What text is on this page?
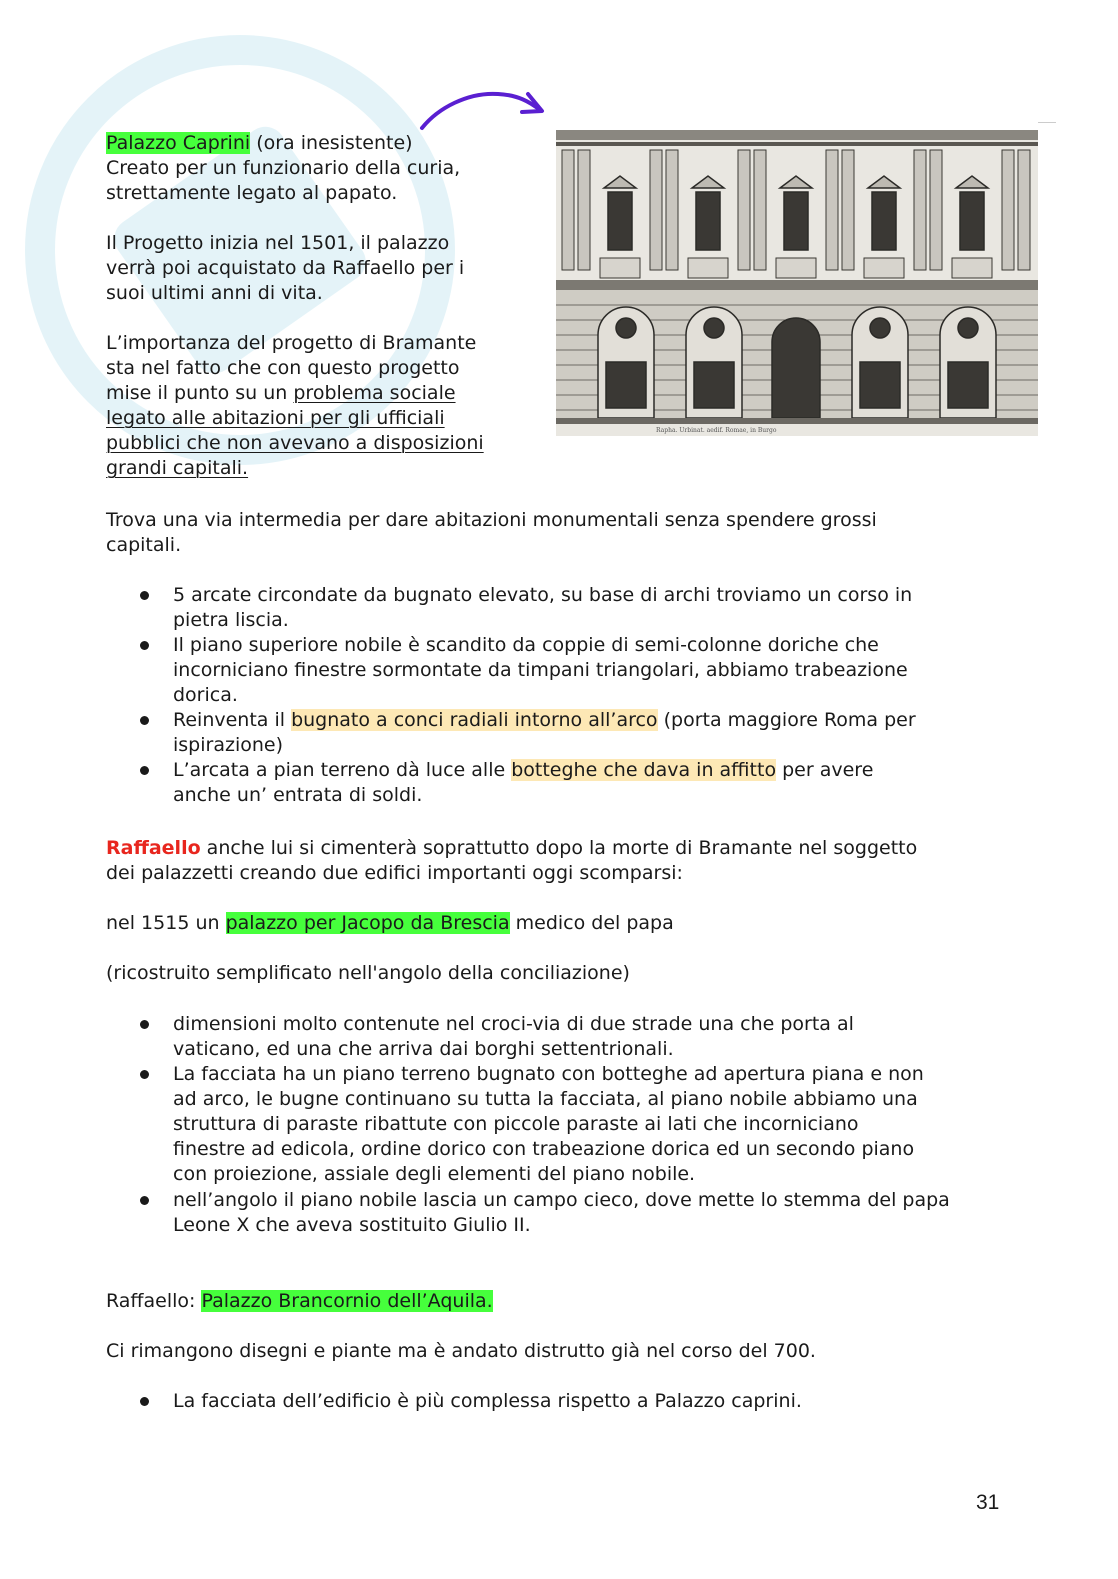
Palazzo Caprini (ora inesistente)
Creato per un funzionario della curia,
strettamente legato al papato.
Il Progetto inizia nel 1501, il palazzo
verrà poi acquistato da Raffaello per i
suoi ultimi anni di vita.
L’importanza del progetto di Bramante
sta nel fatto che con questo progetto
mise il punto su un problema sociale
legato alle abitazioni per gli ufficiali
pubblici che non avevano a disposizioni
grandi capitali.
Rapha. Urbinat. aedif. Romae, in Burgo
Trova una via intermedia per dare abitazioni monumentali senza spendere grossi
capitali.
5 arcate circondate da bugnato elevato, su base di archi troviamo un corso in
pietra liscia.
Il piano superiore nobile è scandito da coppie di semi-colonne doriche che
incorniciano finestre sormontate da timpani triangolari, abbiamo trabeazione
dorica.
Reinventa il bugnato a conci radiali intorno all’arco (porta maggiore Roma per
ispirazione)
L’arcata a pian terreno dà luce alle botteghe che dava in affitto per avere
anche un’ entrata di soldi.
Raffaello anche lui si cimenterà soprattutto dopo la morte di Bramante nel soggetto
dei palazzetti creando due edifici importanti oggi scomparsi:
nel 1515 un palazzo per Jacopo da Brescia medico del papa
(ricostruito semplificato nell'angolo della conciliazione)
dimensioni molto contenute nel croci-via di due strade una che porta al
vaticano, ed una che arriva dai borghi settentrionali.
La facciata ha un piano terreno bugnato con botteghe ad apertura piana e non
ad arco, le bugne continuano su tutta la facciata, al piano nobile abbiamo una
struttura di paraste ribattute con piccole paraste ai lati che incorniciano
finestre ad edicola, ordine dorico con trabeazione dorica ed un secondo piano
con proiezione, assiale degli elementi del piano nobile.
nell’angolo il piano nobile lascia un campo cieco, dove mette lo stemma del papa
Leone X che aveva sostituito Giulio II.
Raffaello: Palazzo Brancornio dell’Aquila.
Ci rimangono disegni e piante ma è andato distrutto già nel corso del 700.
La facciata dell’edificio è più complessa rispetto a Palazzo caprini.
31
